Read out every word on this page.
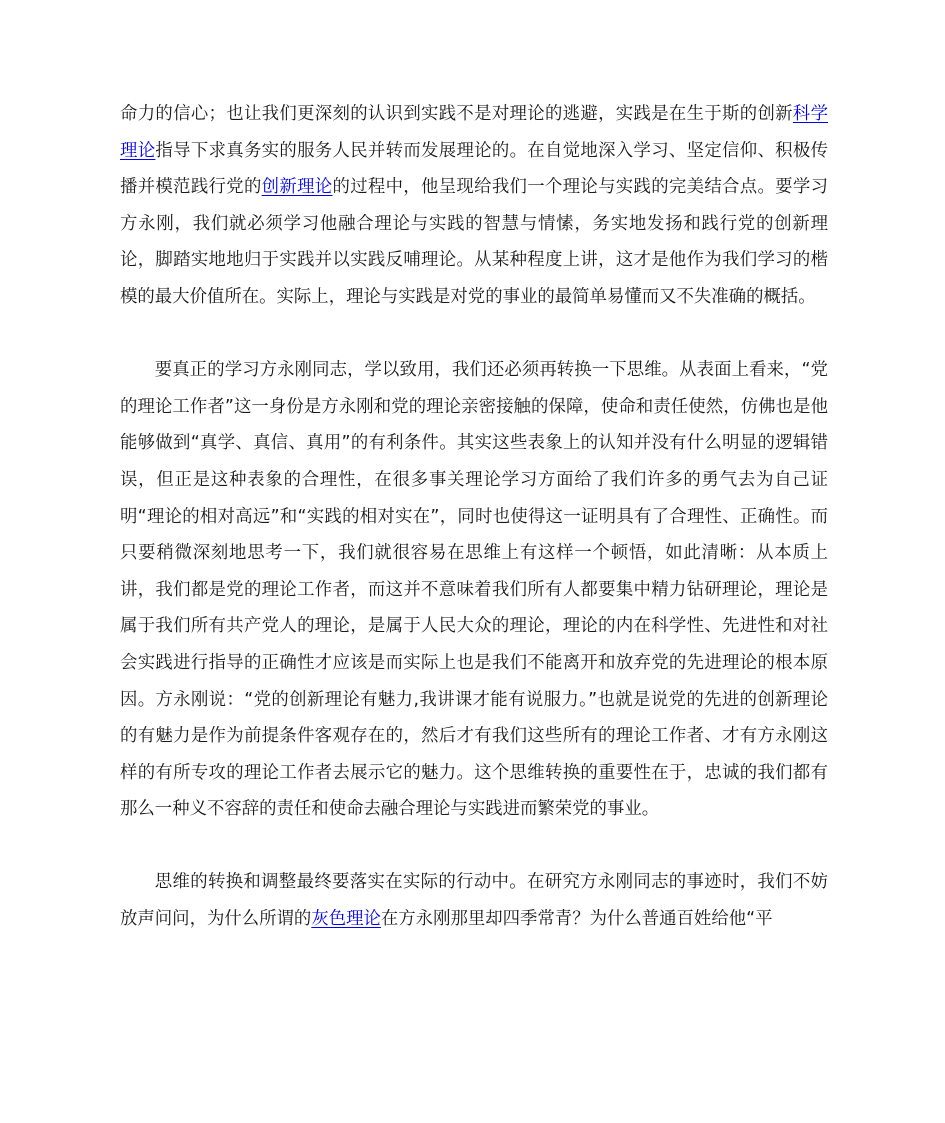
命力的信心；也让我们更深刻的认识到实践不是对理论的逃避，实践是在生于斯的创新科学理论指导下求真务实的服务人民并转而发展理论的。在自觉地深入学习、坚定信仰、积极传播并模范践行党的创新理论的过程中，他呈现给我们一个理论与实践的完美结合点。要学习方永刚，我们就必须学习他融合理论与实践的智慧与情愫，务实地发扬和践行党的创新理论，脚踏实地地归于实践并以实践反哺理论。从某种程度上讲，这才是他作为我们学习的楷模的最大价值所在。实际上，理论与实践是对党的事业的最简单易懂而又不失准确的概括。

要真正的学习方永刚同志，学以致用，我们还必须再转换一下思维。从表面上看来，“党的理论工作者”这一身份是方永刚和党的理论亲密接触的保障，使命和责任使然，仿佛也是他能够做到“真学、真信、真用”的有利条件。其实这些表象上的认知并没有什么明显的逻辑错误，但正是这种表象的合理性，在很多事关理论学习方面给了我们许多的勇气去为自己证明“理论的相对高远”和“实践的相对实在”，同时也使得这一证明具有了合理性、正确性。而只要稍微深刻地思考一下，我们就很容易在思维上有这样一个顿悟，如此清晰：从本质上讲，我们都是党的理论工作者，而这并不意味着我们所有人都要集中精力钻研理论，理论是属于我们所有共产党人的理论，是属于人民大众的理论，理论的内在科学性、先进性和对社会实践进行指导的正确性才应该是而实际上也是我们不能离开和放弃党的先进理论的根本原因。方永刚说：“党的创新理论有魅力,我讲课才能有说服力。”也就是说党的先进的创新理论的有魅力是作为前提条件客观存在的，然后才有我们这些所有的理论工作者、才有方永刚这样的有所专攻的理论工作者去展示它的魅力。这个思维转换的重要性在于，忠诚的我们都有那么一种义不容辞的责任和使命去融合理论与实践进而繁荣党的事业。

思维的转换和调整最终要落实在实际的行动中。在研究方永刚同志的事迹时，我们不妨放声问问，为什么所谓的灰色理论在方永刚那里却四季常青？为什么普通百姓给他“平
